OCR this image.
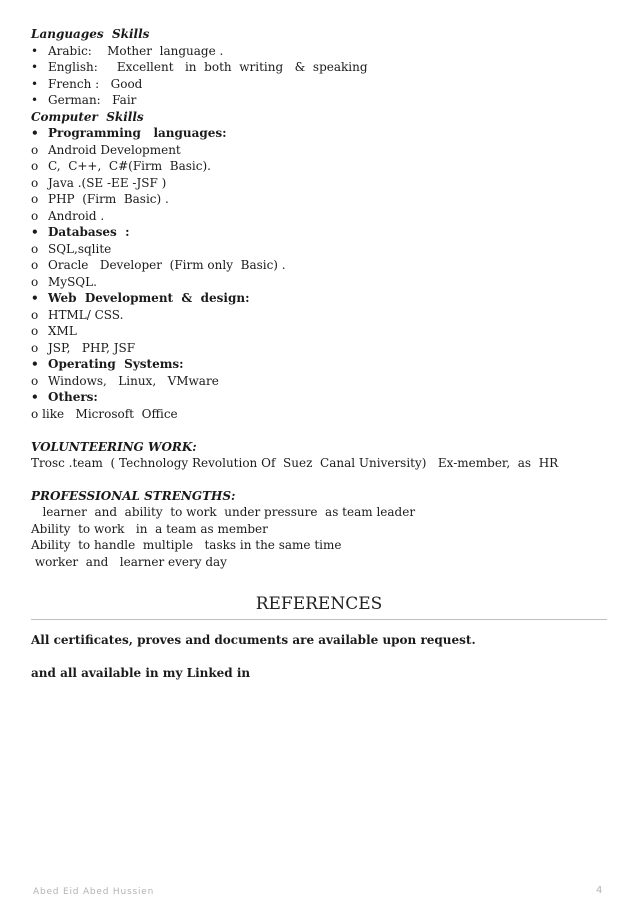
Languages  Skills
• Arabic:    Mother  language .
• English:     Excellent   in  both  writing   &  speaking
• French :   Good
• German:   Fair
Computer  Skills
• Programming   languages:
o Android Development
o C,  C++,  C#(Firm  Basic).
o Java .(SE -EE -JSF )
o PHP  (Firm  Basic) .
o Android .
• Databases  :
o SQL,sqlite
o Oracle   Developer  (Firm only  Basic) .
o MySQL.
• Web  Development  &  design:
o HTML/ CSS.
o XML
o JSP,   PHP, JSF
• Operating  Systems:
o Windows,   Linux,   VMware
• Others:
o like   Microsoft  Office
VOLUNTEERING WORK:
Trosc .team  ( Technology Revolution Of  Suez  Canal University)   Ex-member,  as  HR
PROFESSIONAL STRENGTHS:
learner  and  ability  to work  under pressure  as team leader
Ability  to work   in  a team as member
Ability  to handle  multiple   tasks in the same time
worker  and   learner every day
REFERENCES
All certificates, proves and documents are available upon request.
and all available in my Linked in
Abed Eid Abed Hussien	4
